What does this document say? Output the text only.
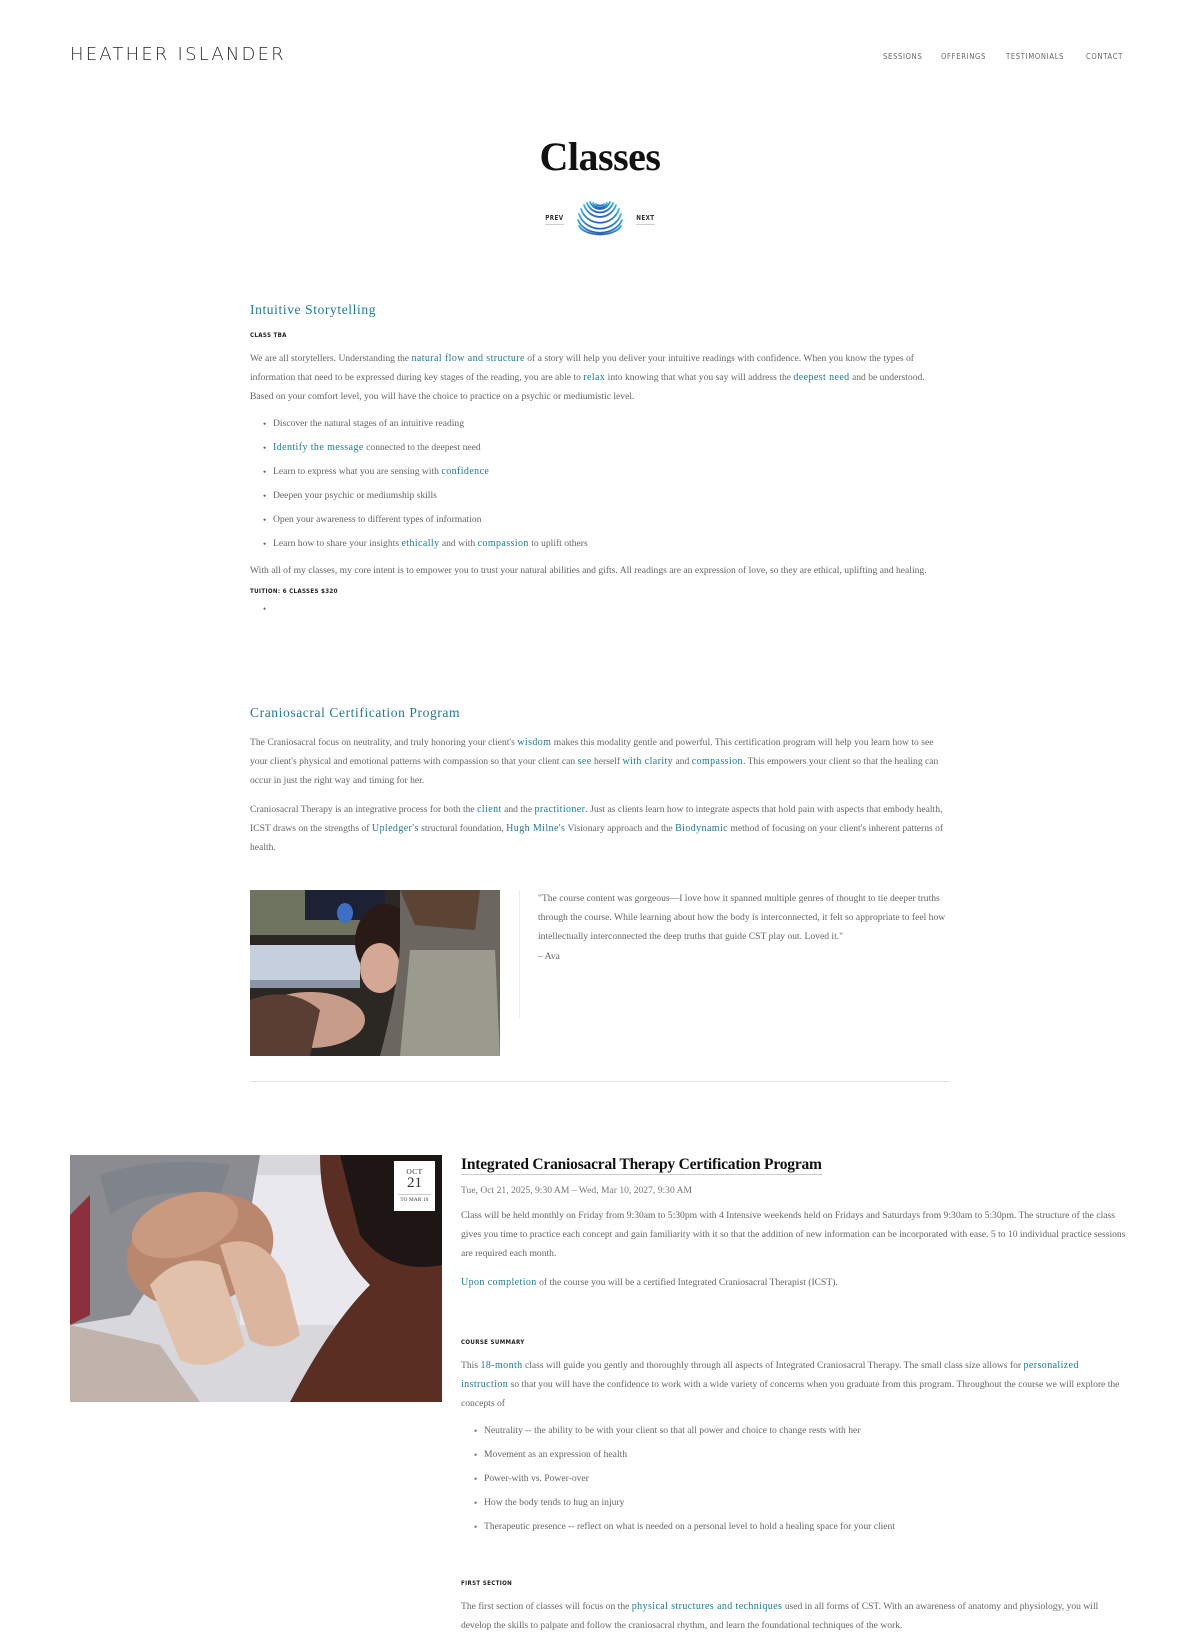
HEATHER ISLANDER	SESSIONS OFFERINGS TESTIMONIALS	CONTACT
Classes
PREV	NEXT
Intuitive Storytelling
CLASS TBA

We are all storytellers. Understanding the natural flow and structure of a story will help you deliver your intuitive readings with confidence. When you know the types of information that need to be expressed during key stages of the reading, you are able to relax into knowing that what you say will address the deepest need and be understood. Based on your comfort level, you will have the choice to practice on a psychic or mediumistic level.

• Discover the natural stages of an intuitive reading
• Identify the message connected to the deepest need
• Learn to express what you are sensing with confidence
• Deepen your psychic or mediumship skills
• Open your awareness to different types of information
• Learn how to share your insights ethically and with compassion to uplift others

With all of my classes, my core intent is to empower you to trust your natural abilities and gifts. All readings are an expression of love, so they are ethical, uplifting and healing.

TUITION: 6 CLASSES $320
•
Craniosacral Certification Program

The Craniosacral focus on neutrality, and truly honoring your client's wisdom makes this modality gentle and powerful. This certification program will help you learn how to see your client's physical and emotional patterns with compassion so that your client can see herself with clarity and compassion. This empowers your client so that the healing can occur in just the right way and timing for her.

Craniosacral Therapy is an integrative process for both the client and the practitioner. Just as clients learn how to integrate aspects that hold pain with aspects that embody health, ICST draws on the strengths of Upledger's structural foundation, Hugh Milne's Visionary approach and the Biodynamic method of focusing on your client's inherent patterns of health.

"The course content was gorgeous—I love how it spanned multiple genres of thought to tie deeper truths through the course. While learning about how the body is interconnected, it felt so appropriate to feel how intellectually interconnected the deep truths that guide CST play out. Loved it."
– Ava
OCT
21
TO MAR 10
Integrated Craniosacral Therapy Certification Program
Tue, Oct 21, 2025, 9:30 AM – Wed, Mar 10, 2027, 9:30 AM

Class will be held monthly on Friday from 9:30am to 5:30pm with 4 Intensive weekends held on Fridays and Saturdays from 9:30am to 5:30pm. The structure of the class gives you time to practice each concept and gain familiarity with it so that the addition of new information can be incorporated with ease. 5 to 10 individual practice sessions are required each month.

Upon completion of the course you will be a certified Integrated Craniosacral Therapist (ICST).

COURSE SUMMARY

This 18-month class will guide you gently and thoroughly through all aspects of Integrated Craniosacral Therapy. The small class size allows for personalized instruction so that you will have the confidence to work with a wide variety of concerns when you graduate from this program. Throughout the course we will explore the concepts of

• Neutrality -- the ability to be with your client so that all power and choice to change rests with her
• Movement as an expression of health
• Power-with vs. Power-over
• How the body tends to hug an injury
• Therapeutic presence -- reflect on what is needed on a personal level to hold a healing space for your client
FIRST SECTION

The first section of classes will focus on the physical structures and techniques used in all forms of CST. With an awareness of anatomy and physiology, you will develop the skills to palpate and follow the craniosacral rhythm, and learn the foundational techniques of the work.
